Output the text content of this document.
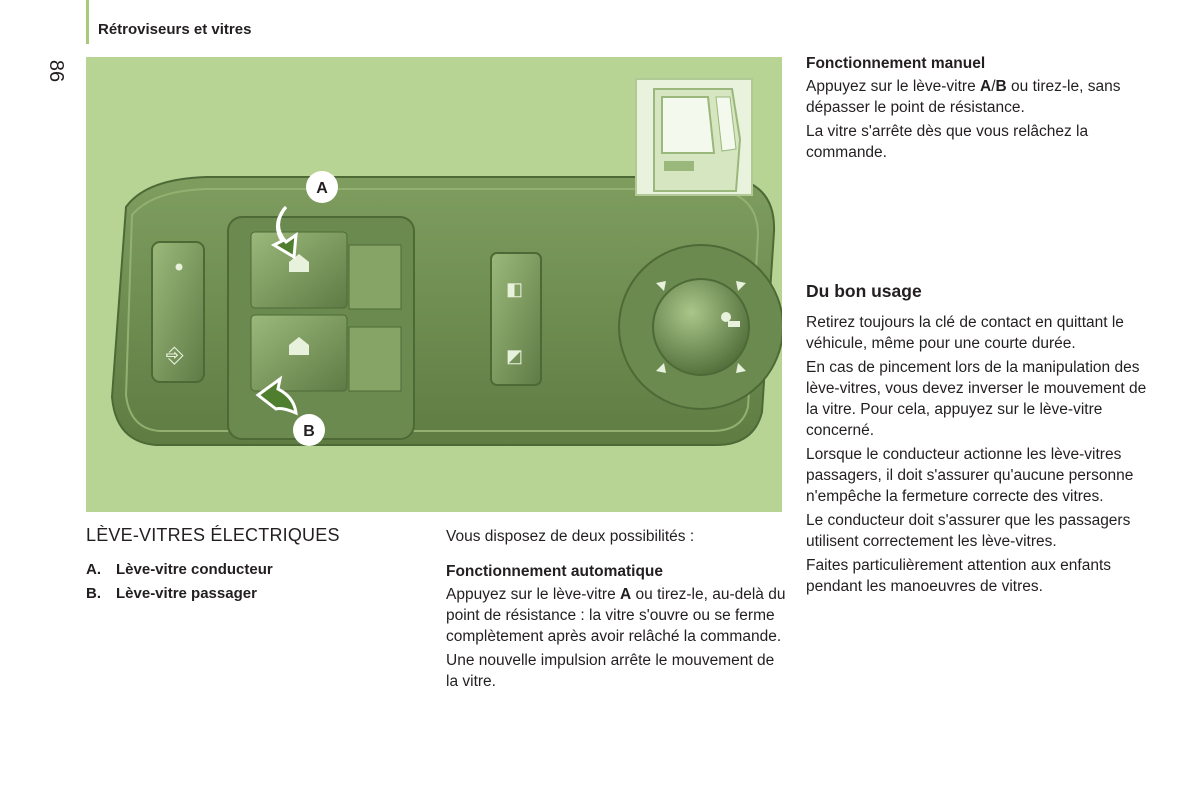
Rétroviseurs et vitres
86
⎆
◧
◩
A
B
LÈVE-VITRES ÉLECTRIQUES
A. Lève-vitre conducteur
B. Lève-vitre passager

Vous disposez de deux possibilités :

Fonctionnement automatique

Appuyez sur le lève-vitre A ou tirez-le, au-delà du point de résistance : la vitre s'ouvre ou se ferme complètement après avoir relâché la commande.

Une nouvelle impulsion arrête le mouvement de la vitre.

Fonctionnement manuel

Appuyez sur le lève-vitre A/B ou tirez-le, sans dépasser le point de résistance.

La vitre s'arrête dès que vous relâchez la commande.

Du bon usage

Retirez toujours la clé de contact en quittant le véhicule, même pour une courte durée.

En cas de pincement lors de la manipulation des lève-vitres, vous devez inverser le mouvement de la vitre. Pour cela, appuyez sur le lève-vitre concerné.

Lorsque le conducteur actionne les lève-vitres passagers, il doit s'assurer qu'aucune personne n'empêche la fermeture correcte des vitres.

Le conducteur doit s'assurer que les passagers utilisent correctement les lève-vitres.

Faites particulièrement attention aux enfants pendant les manoeuvres de vitres.
